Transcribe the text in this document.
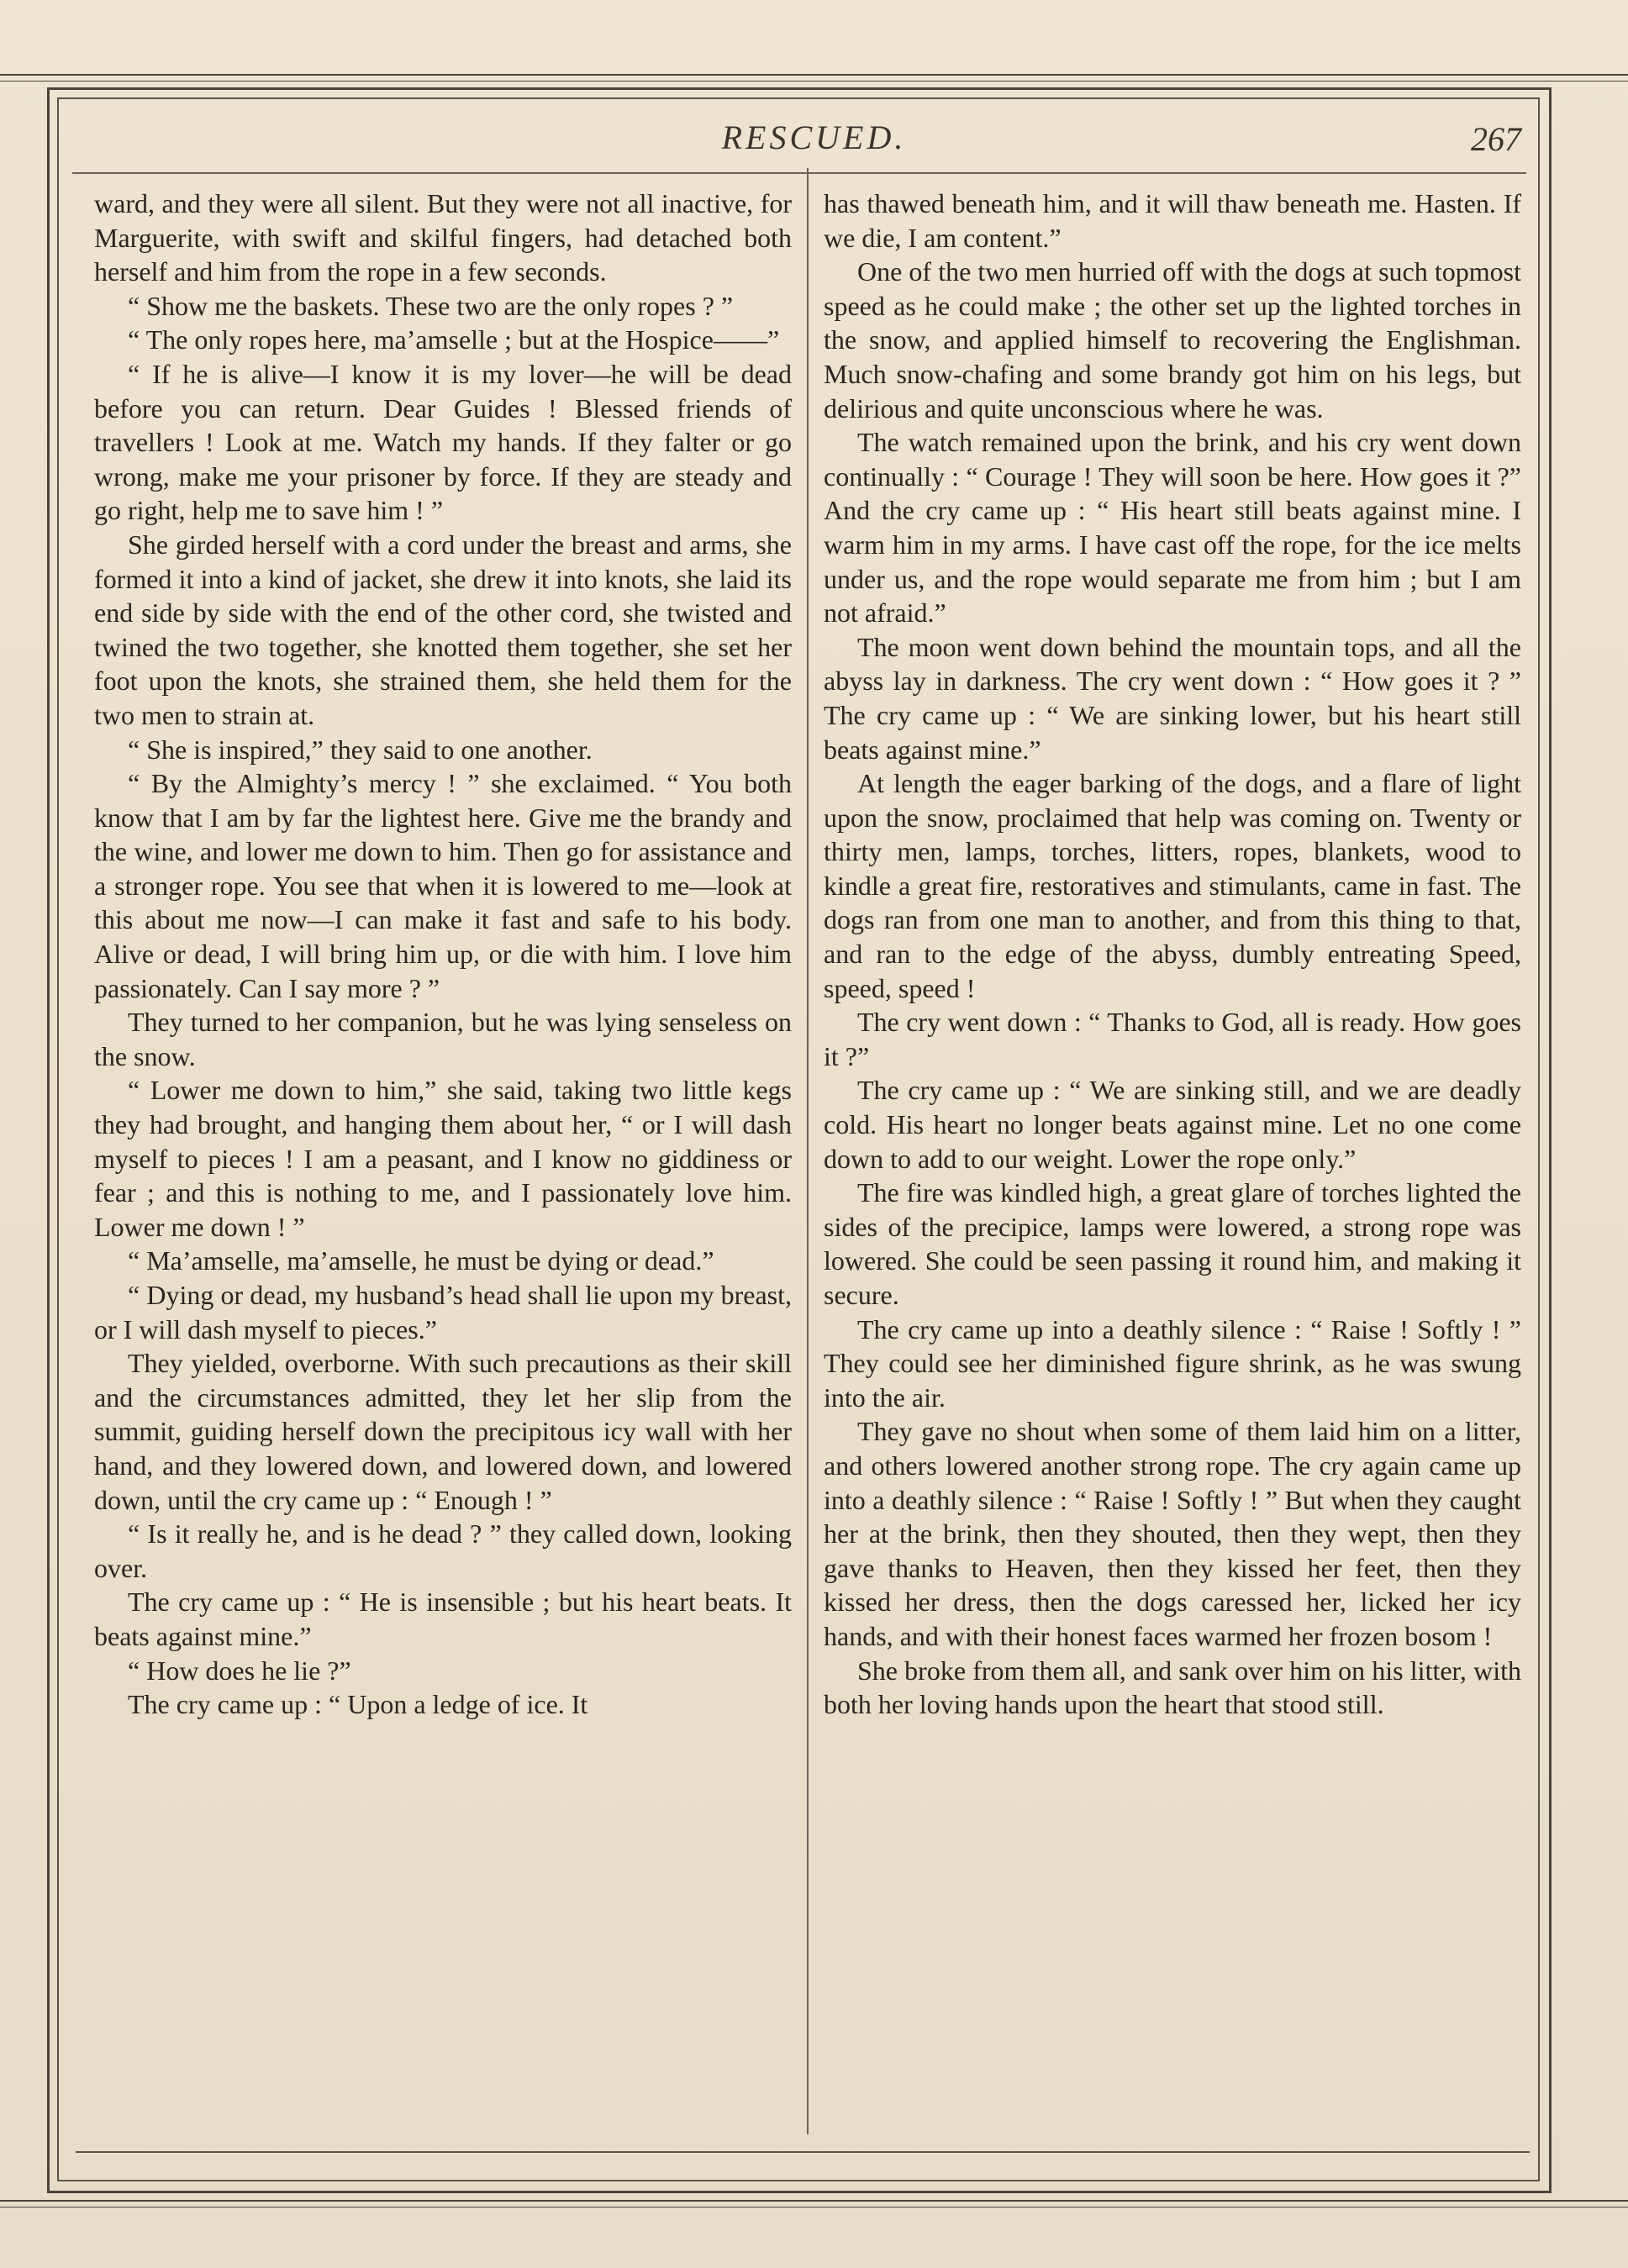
RESCUED.	267

ward, and they were all silent. But they were not all inactive, for Marguerite, with swift and skilful fingers, had detached both herself and him from the rope in a few seconds.

“ Show me the baskets. These two are the only ropes ? ”

“ The only ropes here, ma’amselle ; but at the Hospice——”

“ If he is alive—I know it is my lover—he will be dead before you can return. Dear Guides ! Blessed friends of travellers ! Look at me. Watch my hands. If they falter or go wrong, make me your prisoner by force. If they are steady and go right, help me to save him ! ”

She girded herself with a cord under the breast and arms, she formed it into a kind of jacket, she drew it into knots, she laid its end side by side with the end of the other cord, she twisted and twined the two together, she knotted them together, she set her foot upon the knots, she strained them, she held them for the two men to strain at.

“ She is inspired,” they said to one another.

“ By the Almighty’s mercy ! ” she exclaimed. “ You both know that I am by far the lightest here. Give me the brandy and the wine, and lower me down to him. Then go for assistance and a stronger rope. You see that when it is lowered to me—look at this about me now—I can make it fast and safe to his body. Alive or dead, I will bring him up, or die with him. I love him passionately. Can I say more ? ”

They turned to her companion, but he was lying senseless on the snow.

“ Lower me down to him,” she said, taking two little kegs they had brought, and hanging them about her, “ or I will dash myself to pieces ! I am a peasant, and I know no giddiness or fear ; and this is nothing to me, and I passionately love him. Lower me down ! ”

“ Ma’amselle, ma’amselle, he must be dying or dead.”

“ Dying or dead, my husband’s head shall lie upon my breast, or I will dash myself to pieces.”

They yielded, overborne. With such precautions as their skill and the circumstances admitted, they let her slip from the summit, guiding herself down the precipitous icy wall with her hand, and they lowered down, and lowered down, and lowered down, until the cry came up : “ Enough ! ”

“ Is it really he, and is he dead ? ” they called down, looking over.

The cry came up : “ He is insensible ; but his heart beats. It beats against mine.”

“ How does he lie ?”

The cry came up : “ Upon a ledge of ice. It

has thawed beneath him, and it will thaw beneath me. Hasten. If we die, I am content.”

One of the two men hurried off with the dogs at such topmost speed as he could make ; the other set up the lighted torches in the snow, and applied himself to recovering the Englishman. Much snow-chafing and some brandy got him on his legs, but delirious and quite unconscious where he was.

The watch remained upon the brink, and his cry went down continually : “ Courage ! They will soon be here. How goes it ?” And the cry came up : “ His heart still beats against mine. I warm him in my arms. I have cast off the rope, for the ice melts under us, and the rope would separate me from him ; but I am not afraid.”

The moon went down behind the mountain tops, and all the abyss lay in darkness. The cry went down : “ How goes it ? ” The cry came up : “ We are sinking lower, but his heart still beats against mine.”

At length the eager barking of the dogs, and a flare of light upon the snow, proclaimed that help was coming on. Twenty or thirty men, lamps, torches, litters, ropes, blankets, wood to kindle a great fire, restoratives and stimulants, came in fast. The dogs ran from one man to another, and from this thing to that, and ran to the edge of the abyss, dumbly entreating Speed, speed, speed !

The cry went down : “ Thanks to God, all is ready. How goes it ?”

The cry came up : “ We are sinking still, and we are deadly cold. His heart no longer beats against mine. Let no one come down to add to our weight. Lower the rope only.”

The fire was kindled high, a great glare of torches lighted the sides of the precipice, lamps were lowered, a strong rope was lowered. She could be seen passing it round him, and making it secure.

The cry came up into a deathly silence : “ Raise ! Softly ! ” They could see her diminished figure shrink, as he was swung into the air.

They gave no shout when some of them laid him on a litter, and others lowered another strong rope. The cry again came up into a deathly silence : “ Raise ! Softly ! ” But when they caught her at the brink, then they shouted, then they wept, then they gave thanks to Heaven, then they kissed her feet, then they kissed her dress, then the dogs caressed her, licked her icy hands, and with their honest faces warmed her frozen bosom !

She broke from them all, and sank over him on his litter, with both her loving hands upon the heart that stood still.
